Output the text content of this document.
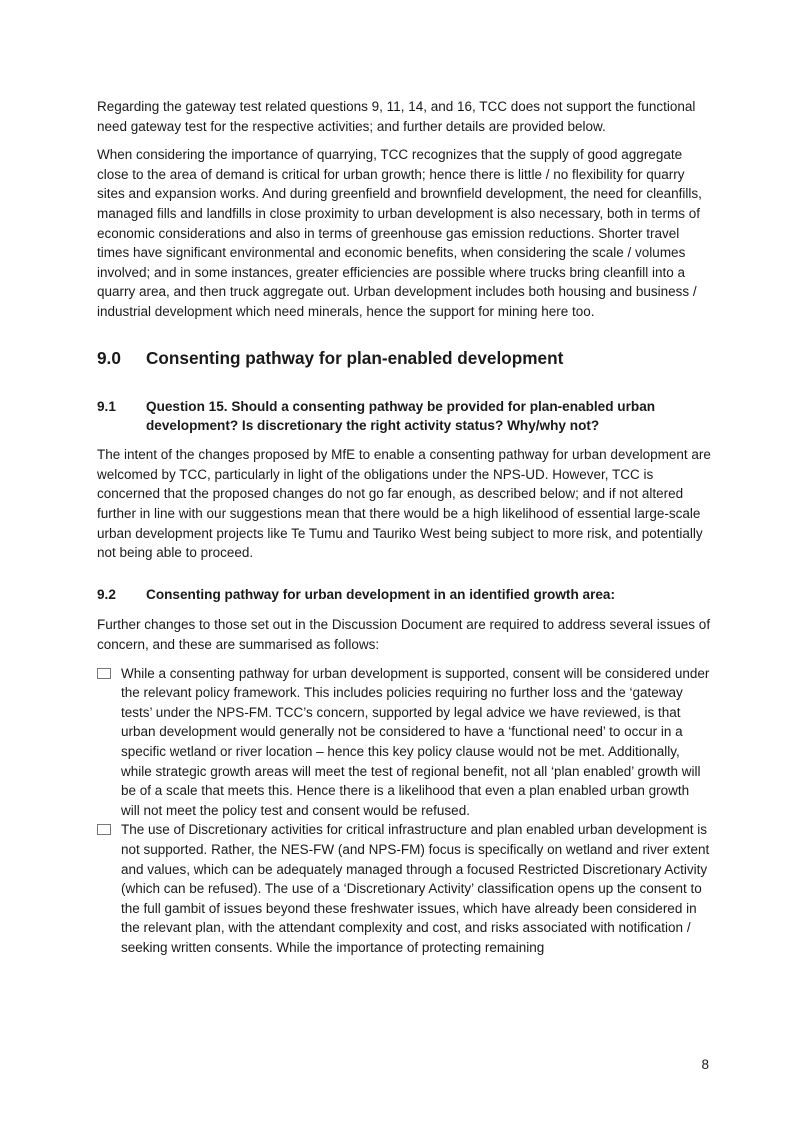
Regarding the gateway test related questions 9, 11, 14, and 16, TCC does not support the functional need gateway test for the respective activities; and further details are provided below.

When considering the importance of quarrying, TCC recognizes that the supply of good aggregate close to the area of demand is critical for urban growth; hence there is little / no flexibility for quarry sites and expansion works. And during greenfield and brownfield development, the need for cleanfills, managed fills and landfills in close proximity to urban development is also necessary, both in terms of economic considerations and also in terms of greenhouse gas emission reductions. Shorter travel times have significant environmental and economic benefits, when considering the scale / volumes involved; and in some instances, greater efficiencies are possible where trucks bring cleanfill into a quarry area, and then truck aggregate out. Urban development includes both housing and business / industrial development which need minerals, hence the support for mining here too.

9.0	Consenting pathway for plan-enabled development
9.1	Question 15. Should a consenting pathway be provided for plan-enabled urban development? Is discretionary the right activity status? Why/why not?

The intent of the changes proposed by MfE to enable a consenting pathway for urban development are welcomed by TCC, particularly in light of the obligations under the NPS-UD. However, TCC is concerned that the proposed changes do not go far enough, as described below; and if not altered further in line with our suggestions mean that there would be a high likelihood of essential large-scale urban development projects like Te Tumu and Tauriko West being subject to more risk, and potentially not being able to proceed.

9.2	Consenting pathway for urban development in an identified growth area:

Further changes to those set out in the Discussion Document are required to address several issues of concern, and these are summarised as follows:

While a consenting pathway for urban development is supported, consent will be considered under the relevant policy framework. This includes policies requiring no further loss and the ‘gateway tests’ under the NPS-FM. TCC’s concern, supported by legal advice we have reviewed, is that urban development would generally not be considered to have a ‘functional need’ to occur in a specific wetland or river location – hence this key policy clause would not be met. Additionally, while strategic growth areas will meet the test of regional benefit, not all ‘plan enabled’ growth will be of a scale that meets this. Hence there is a likelihood that even a plan enabled urban growth will not meet the policy test and consent would be refused.
The use of Discretionary activities for critical infrastructure and plan enabled urban development is not supported. Rather, the NES-FW (and NPS-FM) focus is specifically on wetland and river extent and values, which can be adequately managed through a focused Restricted Discretionary Activity (which can be refused). The use of a ‘Discretionary Activity’ classification opens up the consent to the full gambit of issues beyond these freshwater issues, which have already been considered in the relevant plan, with the attendant complexity and cost, and risks associated with notification / seeking written consents. While the importance of protecting remaining
8
